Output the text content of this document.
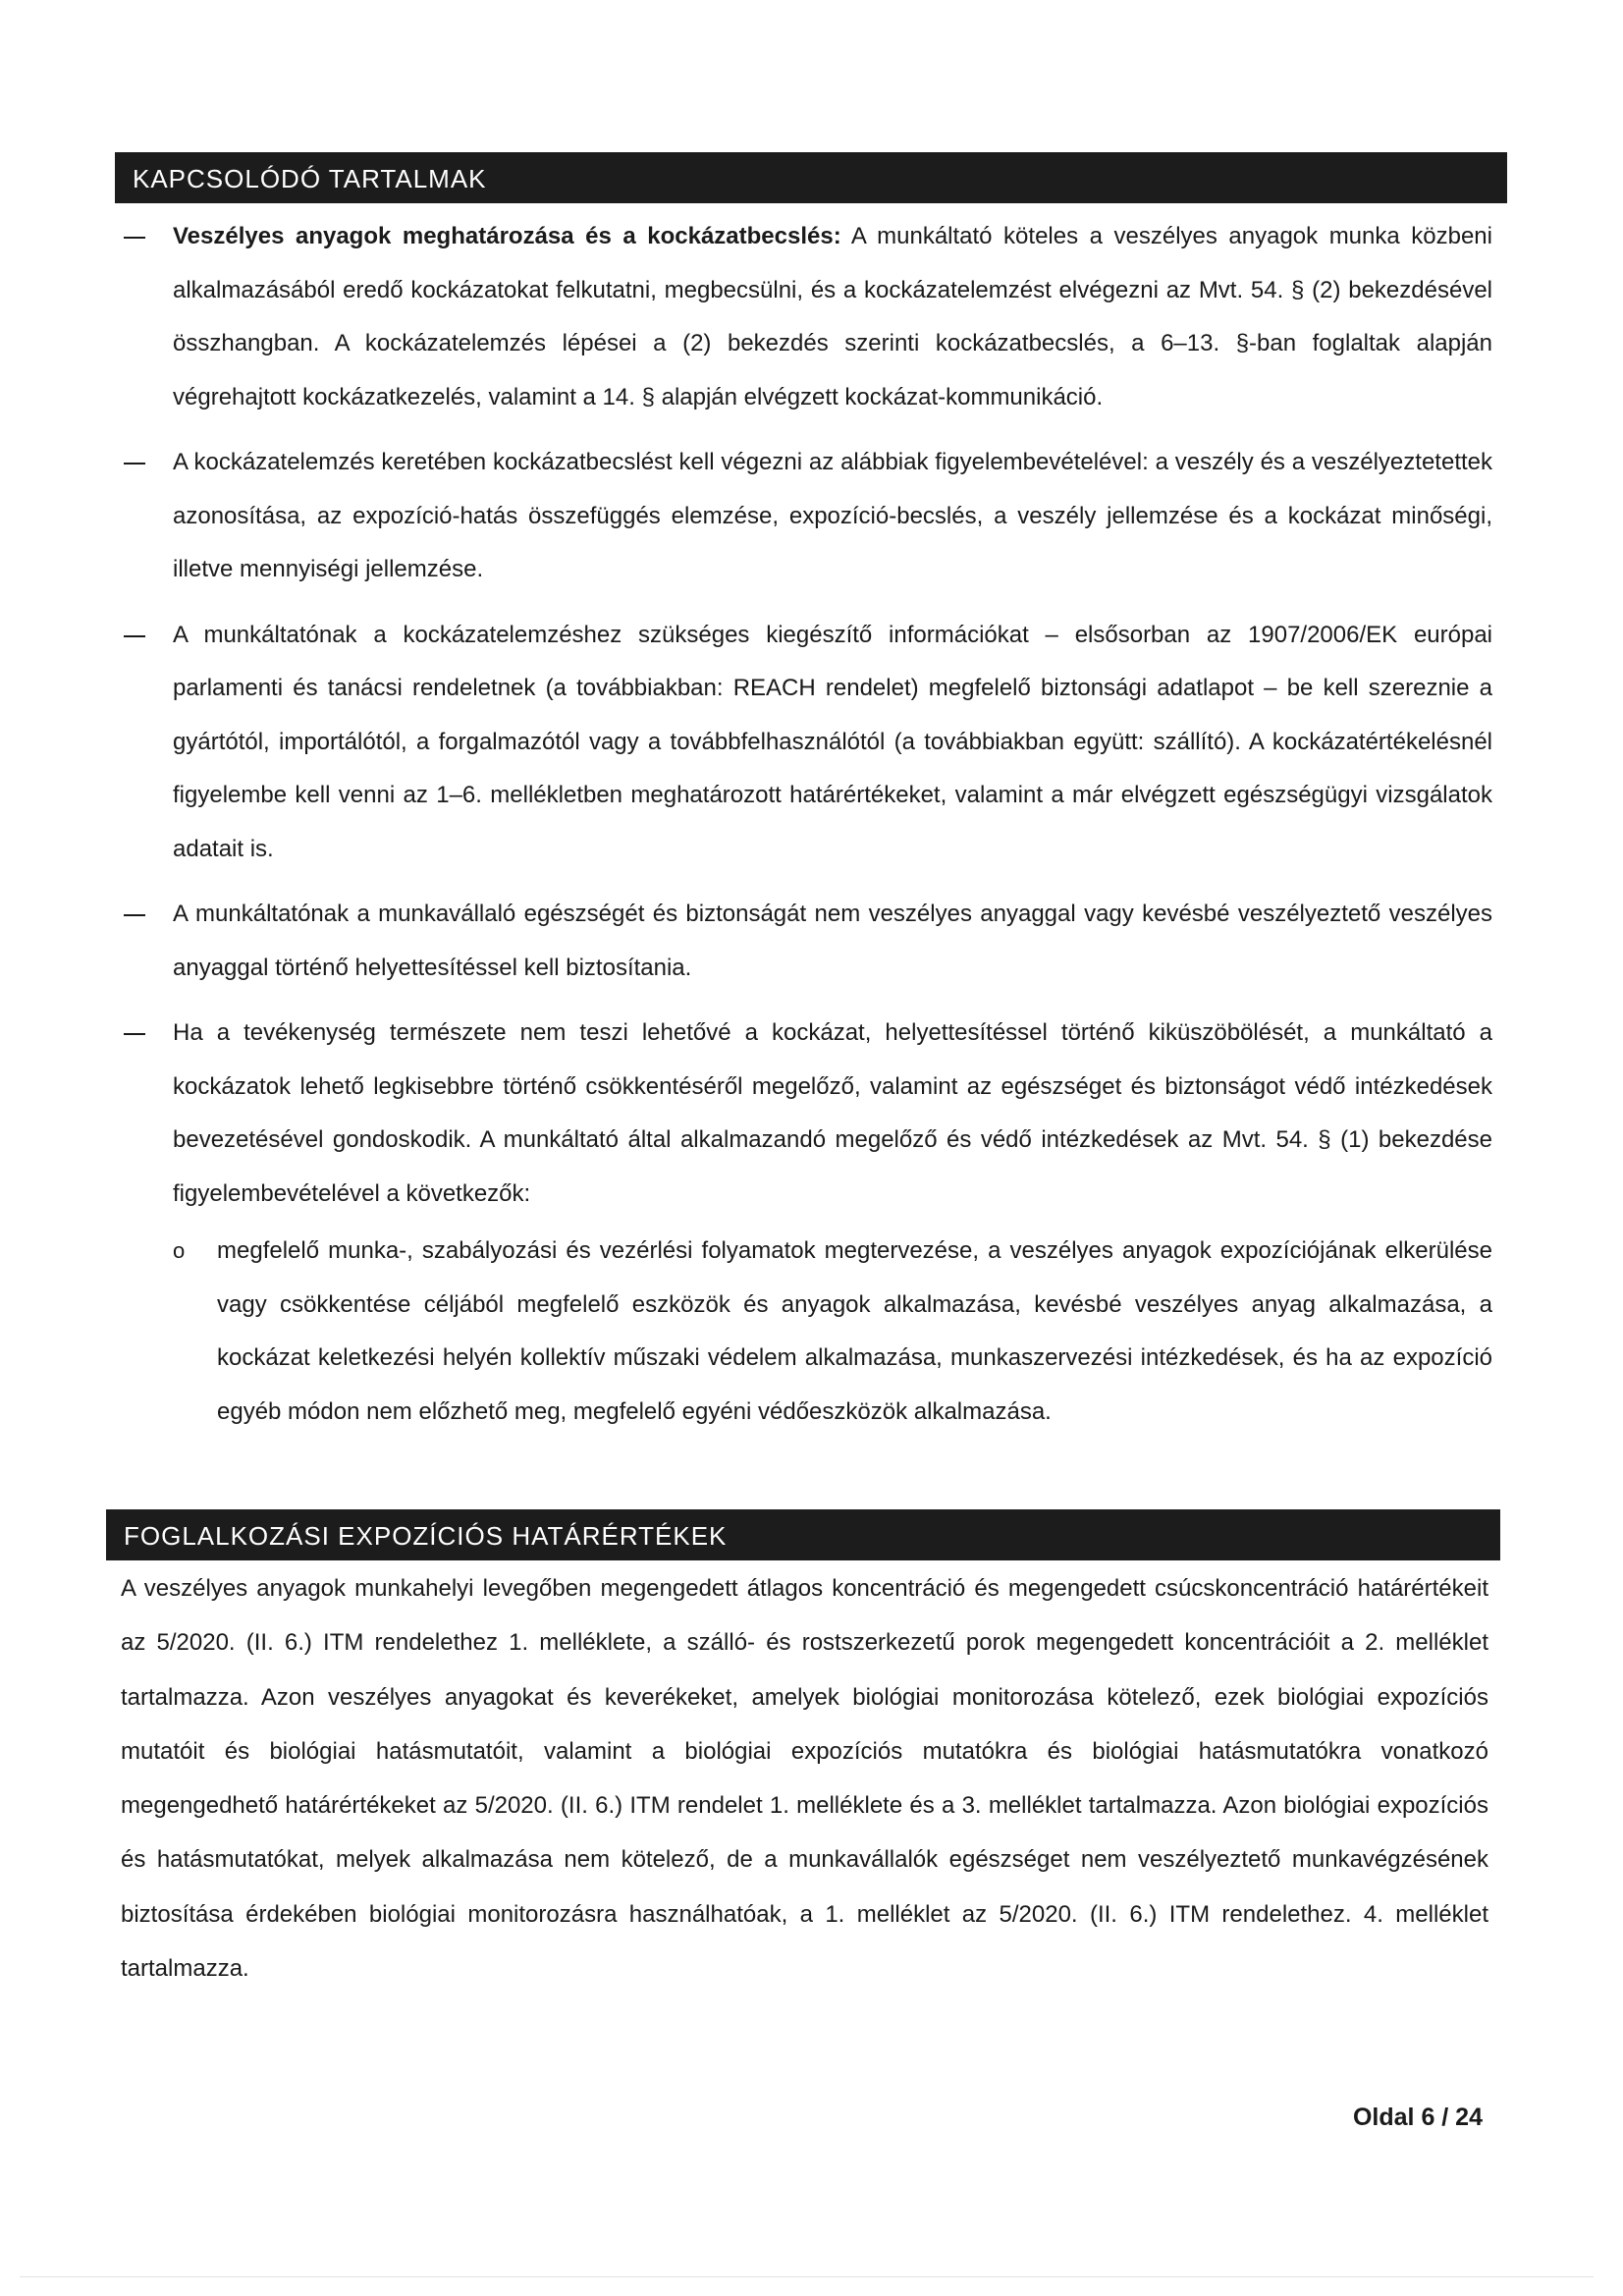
KAPCSOLÓDÓ TARTALMAK
Veszélyes anyagok meghatározása és a kockázatbecslés: A munkáltató köteles a veszélyes anyagok munka közbeni alkalmazásából eredő kockázatokat felkutatni, megbecsülni, és a kockázatelemzést elvégezni az Mvt. 54. § (2) bekezdésével összhangban. A kockázatelemzés lépései a (2) bekezdés szerinti kockázatbecslés, a 6–13. §-ban foglaltak alapján végrehajtott kockázatkezelés, valamint a 14. § alapján elvégzett kockázat-kommunikáció.
A kockázatelemzés keretében kockázatbecslést kell végezni az alábbiak figyelembevételével: a veszély és a veszélyeztetettek azonosítása, az expozíció-hatás összefüggés elemzése, expozíció-becslés, a veszély jellemzése és a kockázat minőségi, illetve mennyiségi jellemzése.
A munkáltatónak a kockázatelemzéshez szükséges kiegészítő információkat – elsősorban az 1907/2006/EK európai parlamenti és tanácsi rendeletnek (a továbbiakban: REACH rendelet) megfelelő biztonsági adatlapot – be kell szereznie a gyártótól, importálótól, a forgalmazótól vagy a továbbfelhasználótól (a továbbiakban együtt: szállító). A kockázatértékelésnél figyelembe kell venni az 1–6. mellékletben meghatározott határértékeket, valamint a már elvégzett egészségügyi vizsgálatok adatait is.
A munkáltatónak a munkavállaló egészségét és biztonságát nem veszélyes anyaggal vagy kevésbé veszélyeztető veszélyes anyaggal történő helyettesítéssel kell biztosítania.
Ha a tevékenység természete nem teszi lehetővé a kockázat, helyettesítéssel történő kiküszöbölését, a munkáltató a kockázatok lehető legkisebbre történő csökkentéséről megelőző, valamint az egészséget és biztonságot védő intézkedések bevezetésével gondoskodik. A munkáltató által alkalmazandó megelőző és védő intézkedések az Mvt. 54. § (1) bekezdése figyelembevételével a következők:
o megfelelő munka-, szabályozási és vezérlési folyamatok megtervezése, a veszélyes anyagok expozíciójának elkerülése vagy csökkentése céljából megfelelő eszközök és anyagok alkalmazása, kevésbé veszélyes anyag alkalmazása, a kockázat keletkezési helyén kollektív műszaki védelem alkalmazása, munkaszervezési intézkedések, és ha az expozíció egyéb módon nem előzhető meg, megfelelő egyéni védőeszközök alkalmazása.
FOGLALKOZÁSI EXPOZÍCIÓS HATÁRÉRTÉKEK

A veszélyes anyagok munkahelyi levegőben megengedett átlagos koncentráció és megengedett csúcskoncentráció határértékeit az 5/2020. (II. 6.) ITM rendelethez 1. melléklete, a szálló- és rostszerkezetű porok megengedett koncentrációit a 2. melléklet tartalmazza. Azon veszélyes anyagokat és keverékeket, amelyek biológiai monitorozása kötelező, ezek biológiai expozíciós mutatóit és biológiai hatásmutatóit, valamint a biológiai expozíciós mutatókra és biológiai hatásmutatókra vonatkozó megengedhető határértékeket az 5/2020. (II. 6.) ITM rendelet 1. melléklete és a 3. melléklet tartalmazza. Azon biológiai expozíciós és hatásmutatókat, melyek alkalmazása nem kötelező, de a munkavállalók egészséget nem veszélyeztető munkavégzésének biztosítása érdekében biológiai monitorozásra használhatóak, a 1. melléklet az 5/2020. (II. 6.) ITM rendelethez. 4. melléklet tartalmazza.

Oldal 6 / 24
